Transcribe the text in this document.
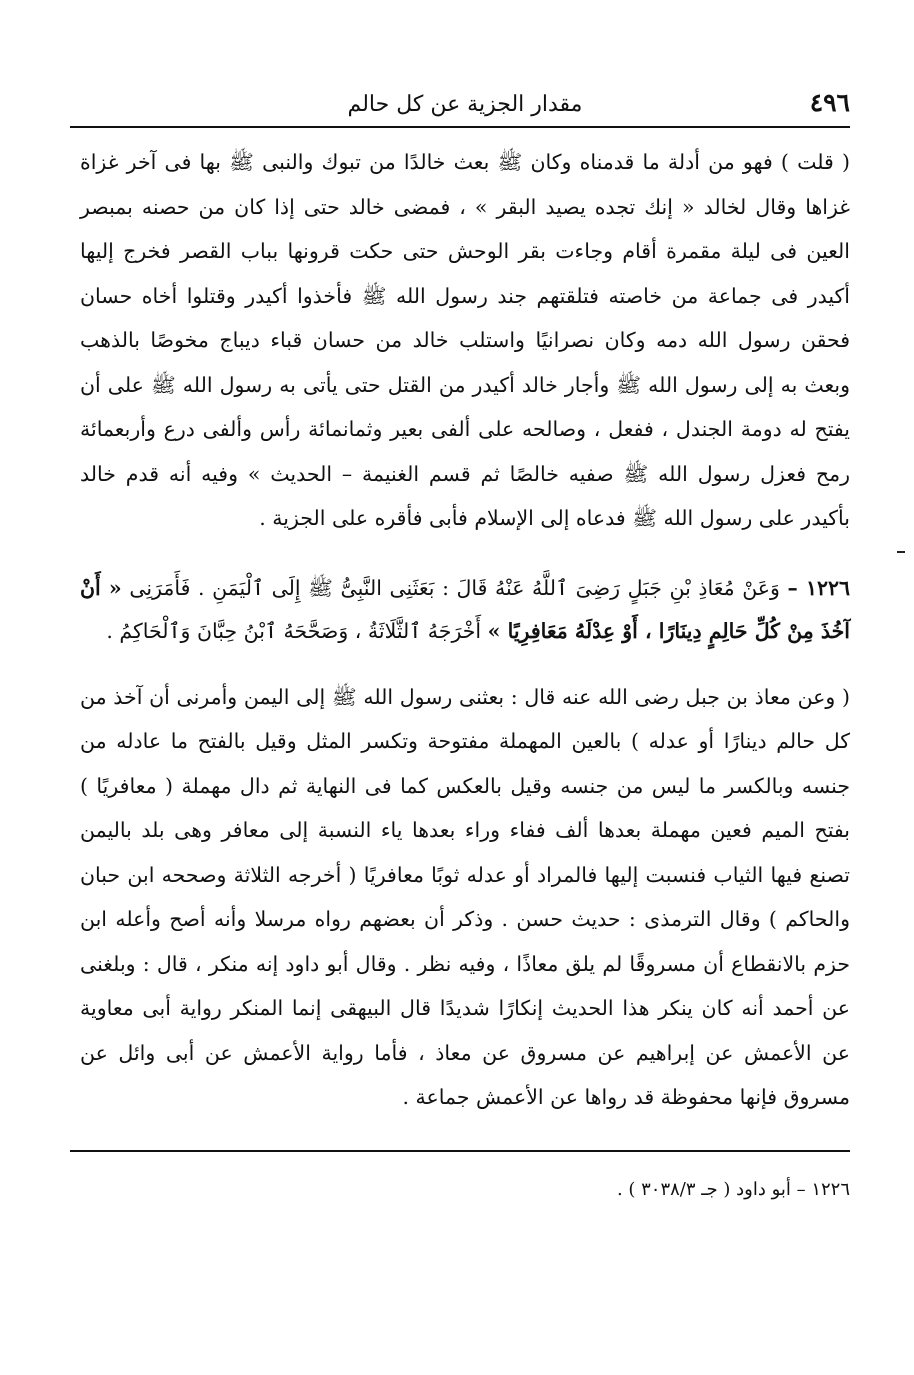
٤٩٦
مقدار الجزية عن كل حالم

( قلت ) فهو من أدلة ما قدمناه وكان ﷺ بعث خالدًا من تبوك والنبى ﷺ بها فى آخر غزاة غزاها وقال لخالد « إنك تجده يصيد البقر » ، فمضى خالد حتى إذا كان من حصنه بمبصر العين فى ليلة مقمرة أقام وجاءت بقر الوحش حتى حكت قرونها بباب القصر فخرج إليها أكيدر فى جماعة من خاصته فتلقتهم جند رسول الله ﷺ فأخذوا أكيدر وقتلوا أخاه حسان فحقن رسول الله دمه وكان نصرانيًا واستلب خالد من حسان قباء ديباج مخوصًا بالذهب وبعث به إلى رسول الله ﷺ وأجار خالد أكيدر من القتل حتى يأتى به رسول الله ﷺ على أن يفتح له دومة الجندل ، ففعل ، وصالحه على ألفى بعير وثمانمائة رأس وألفى درع وأربعمائة رمح فعزل رسول الله ﷺ صفيه خالصًا ثم قسم الغنيمة – الحديث » وفيه أنه قدم خالد بأكيدر على رسول الله ﷺ فدعاه إلى الإسلام فأبى فأقره على الجزية .

١٢٢٦ – وَعَنْ مُعَاذِ بْنِ جَبَلٍ رَضِىَ ٱللَّهُ عَنْهُ قَالَ : بَعَثَنِى النَّبِىُّ ﷺ إِلَى ٱلْيَمَنِ . فَأَمَرَنِى « أَنْ آخُذَ مِنْ كُلِّ حَالِمٍ دِينَارًا ، أَوْ عِدْلَهُ مَعَافِرِيًا » أَخْرَجَهُ ٱلثَّلَاثَةُ ، وَصَحَّحَهُ ٱبْنُ حِبَّانَ وَٱلْحَاكِمُ .

( وعن معاذ بن جبل رضى الله عنه قال : بعثنى رسول الله ﷺ إلى اليمن وأمرنى أن آخذ من كل حالم دينارًا أو عدله ) بالعين المهملة مفتوحة وتكسر المثل وقيل بالفتح ما عادله من جنسه وبالكسر ما ليس من جنسه وقيل بالعكس كما فى النهاية ثم دال مهملة ( معافريًا ) بفتح الميم فعين مهملة بعدها ألف ففاء وراء بعدها ياء النسبة إلى معافر وهى بلد باليمن تصنع فيها الثياب فنسبت إليها فالمراد أو عدله ثوبًا معافريًا ( أخرجه الثلاثة وصححه ابن حبان والحاكم ) وقال الترمذى : حديث حسن . وذكر أن بعضهم رواه مرسلا وأنه أصح وأعله ابن حزم بالانقطاع أن مسروقًا لم يلق معاذًا ، وفيه نظر . وقال أبو داود إنه منكر ، قال : وبلغنى عن أحمد أنه كان ينكر هذا الحديث إنكارًا شديدًا قال البيهقى إنما المنكر رواية أبى معاوية عن الأعمش عن إبراهيم عن مسروق عن معاذ ، فأما رواية الأعمش عن أبى وائل عن مسروق فإنها محفوظة قد رواها عن الأعمش جماعة .

١٢٢٦ – أبو داود ( جـ ٣٠٣٨/٣ ) .
